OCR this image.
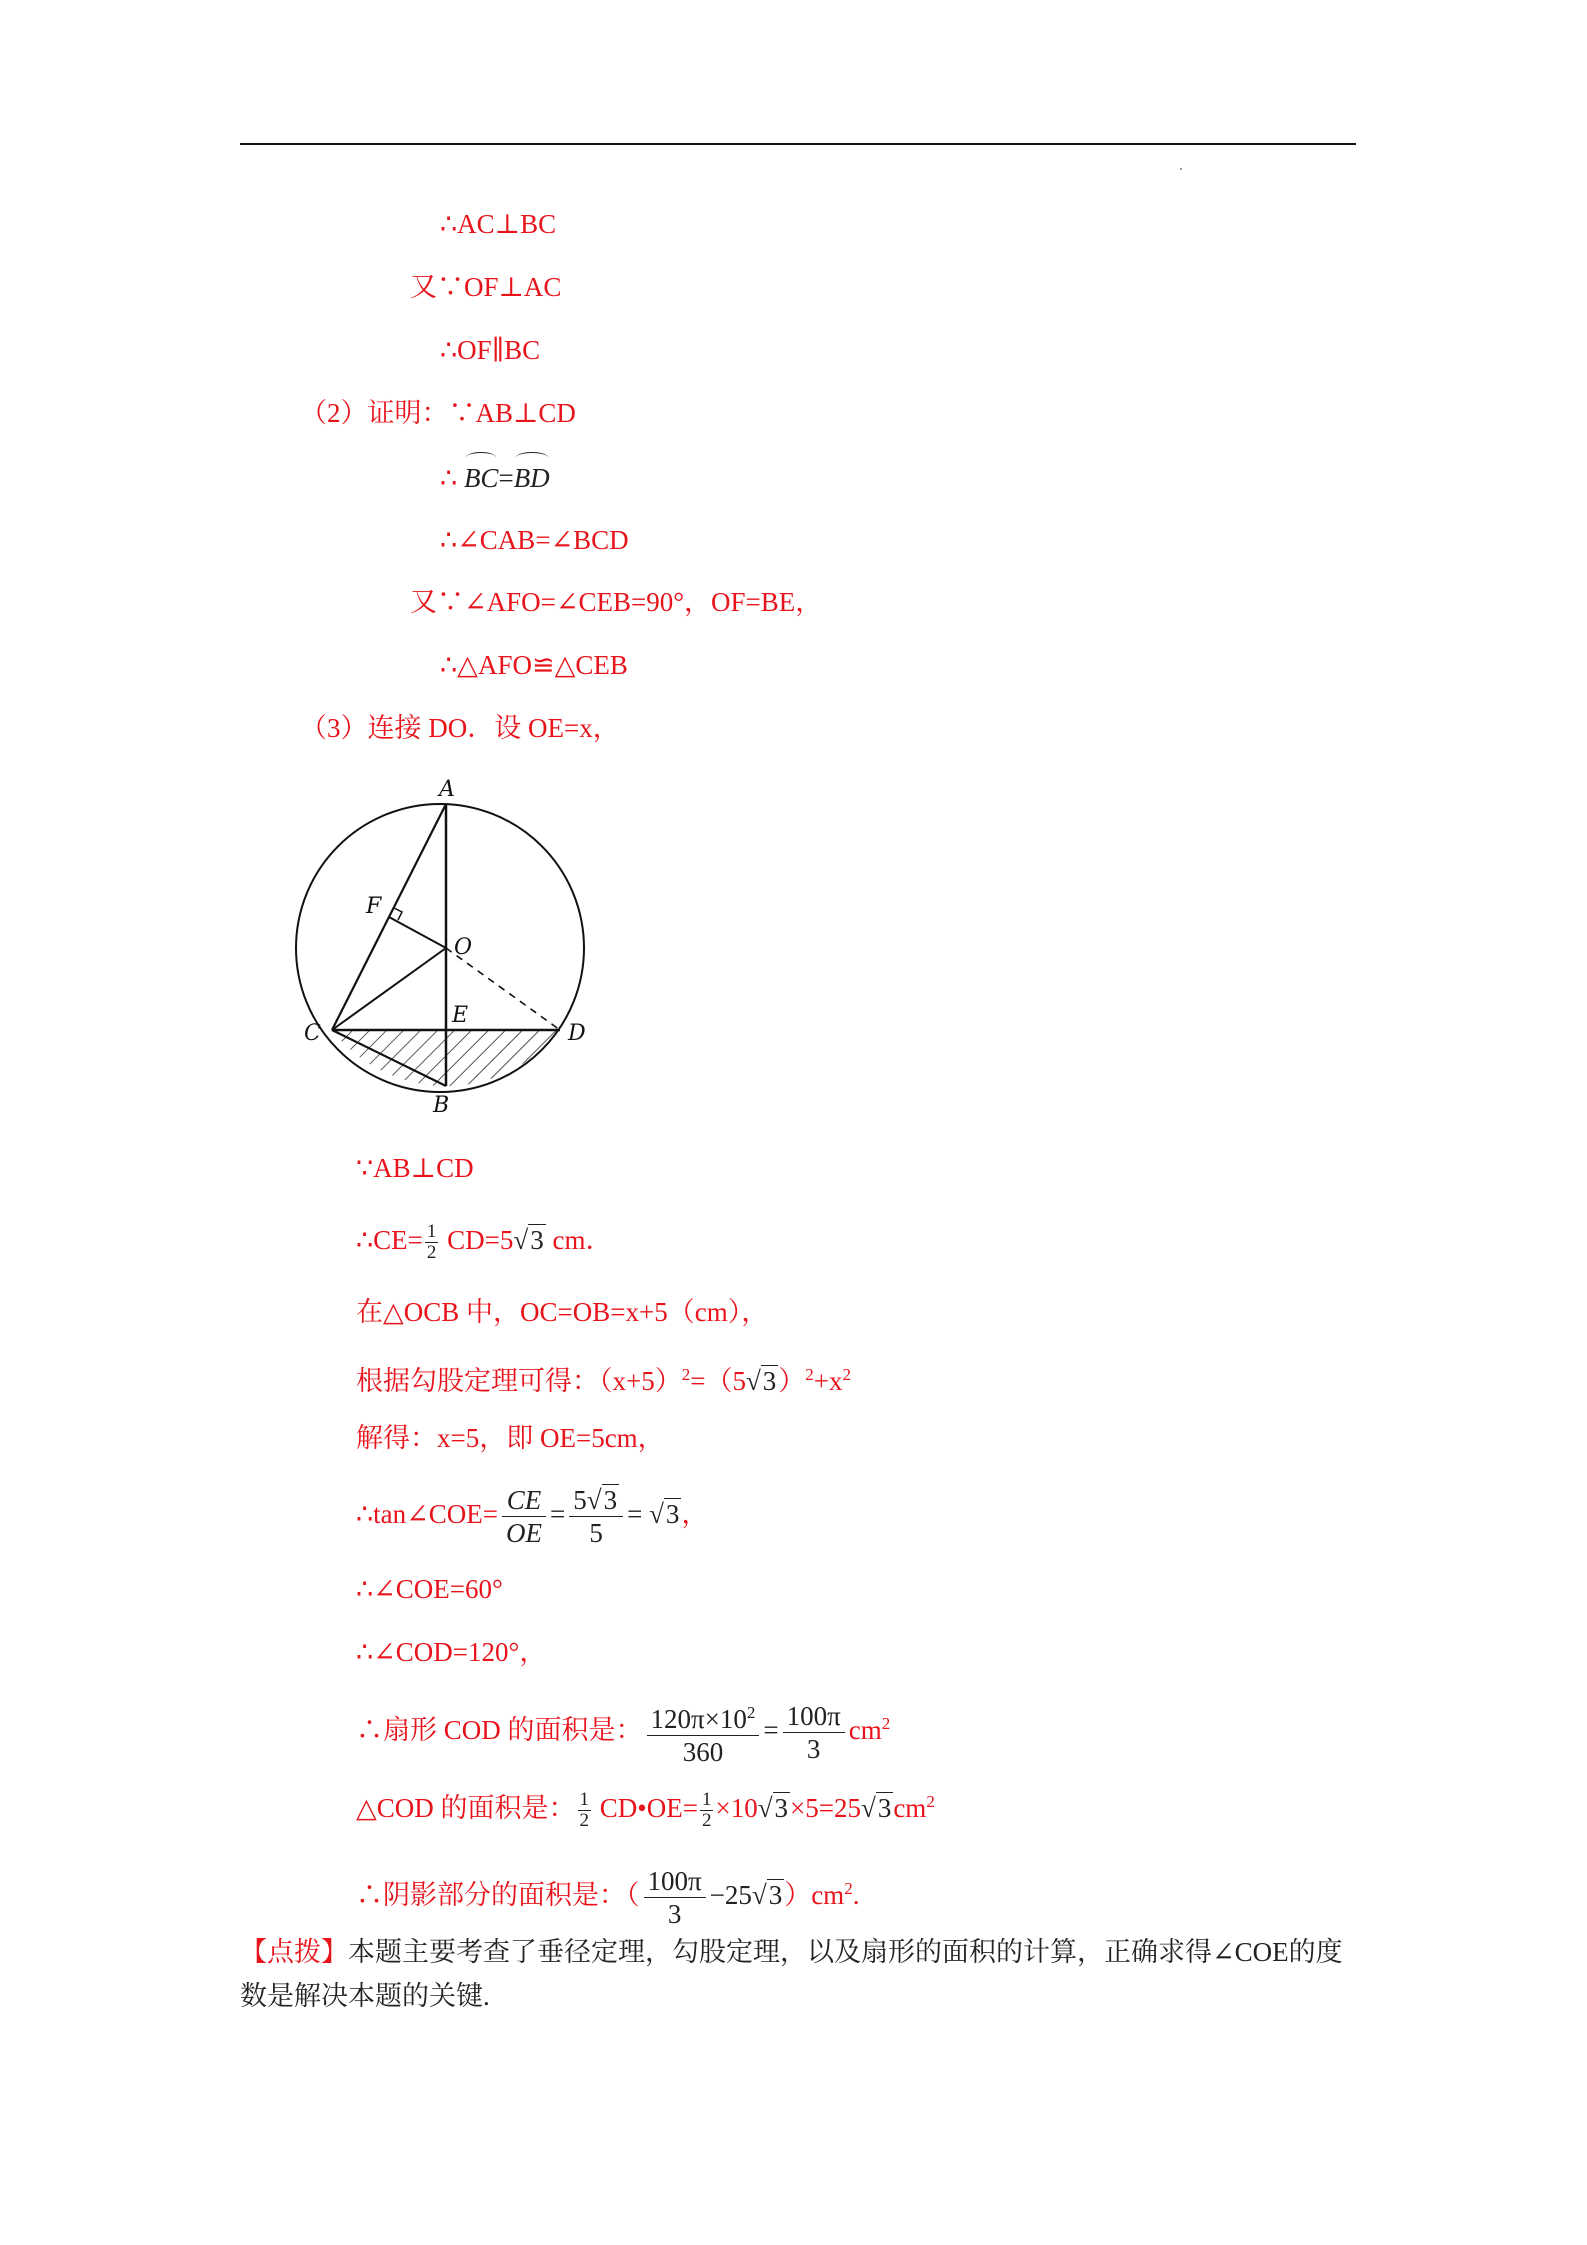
∴AC⊥BC
又∵OF⊥AC
∴OF∥BC
（2）证明：∵AB⊥CD
∴ BC=BD
∴∠CAB=∠BCD
又∵∠AFO=∠CEB=90°，OF=BE，
∴△AFO≌△CEB
（3）连接 DO．设 OE=x，
A
B
C	D
E
F
O
∵AB⊥CD
∴CE= $\frac{1}{2} CD=5√3$ cm．
在△OCB 中，OC=OB=x+5（cm），
根据勾股定理可得：$(x+5)^2=(5√3)^2+x^2$
解得：x=5，即 OE=5cm，
∴tan∠COE= $\frac{CE}{OE} = \frac{5√3}{5} = √3$，
∴∠COE=60°
∴∠COD=120°，
∴扇形 COD 的面积是： $\frac{120\pi\times 10^2}{360} = \frac{100\pi}{3} cm^2$
△COD 的面积是： $\frac{1}{2}$ CD•OE= $\frac{1}{2} \times 10√3\times 5=25√3cm^2$
∴阴影部分的面积是：（ $\frac{100\pi}{3} -25√3)cm^2$.
【点拨】本题主要考查了垂径定理，勾股定理，以及扇形的面积的计算，正确求得∠COE的度数是解决本题的关键.
